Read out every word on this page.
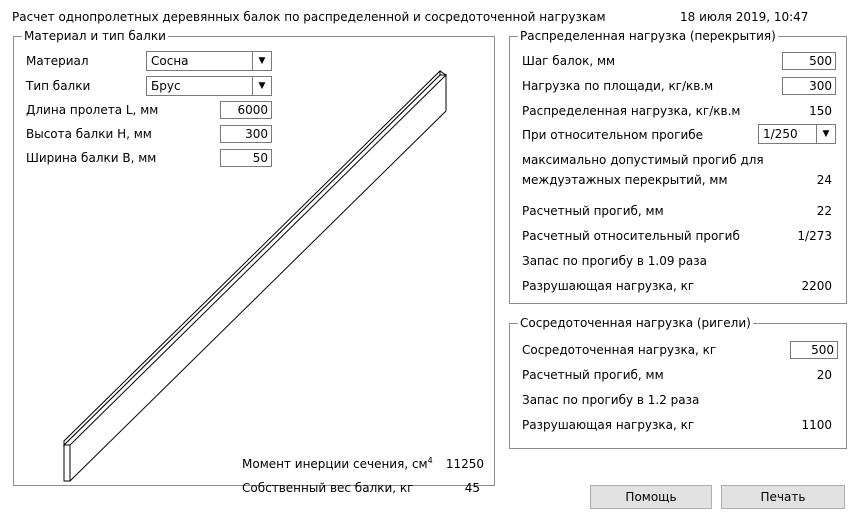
Расчет однопролетных деревянных балок по распределенной и сосредоточенной нагрузкам	18 июля 2019, 10:47
Материал и тип балки
Материал	Сосна	▼
Тип балки	Брус	▼
Длина пролета L, мм	6000
Высота балки H, мм	300
Ширина балки B, мм	50
Момент инерции сечения, $см^4$ 11250
Собственный вес балки, кг	45
Распределенная нагрузка (перекрытия)
Шаг балок, мм	500
Нагрузка по площади, кг/кв.м	300
Распределенная нагрузка, кг/кв.м	150
При относительном прогибе	1/250	▼
максимально допустимый прогиб для
междуэтажных перекрытий, мм	24
Расчетный прогиб, мм	22
Расчетный относительный прогиб	1/273
Запас по прогибу в 1.09 раза
Разрушающая нагрузка, кг	2200
Сосредоточенная нагрузка (ригели)
Сосредоточенная нагрузка, кг	500
Расчетный прогиб, мм	20
Запас по прогибу в 1.2 раза
Разрушающая нагрузка, кг	1100
Помощь	Печать
